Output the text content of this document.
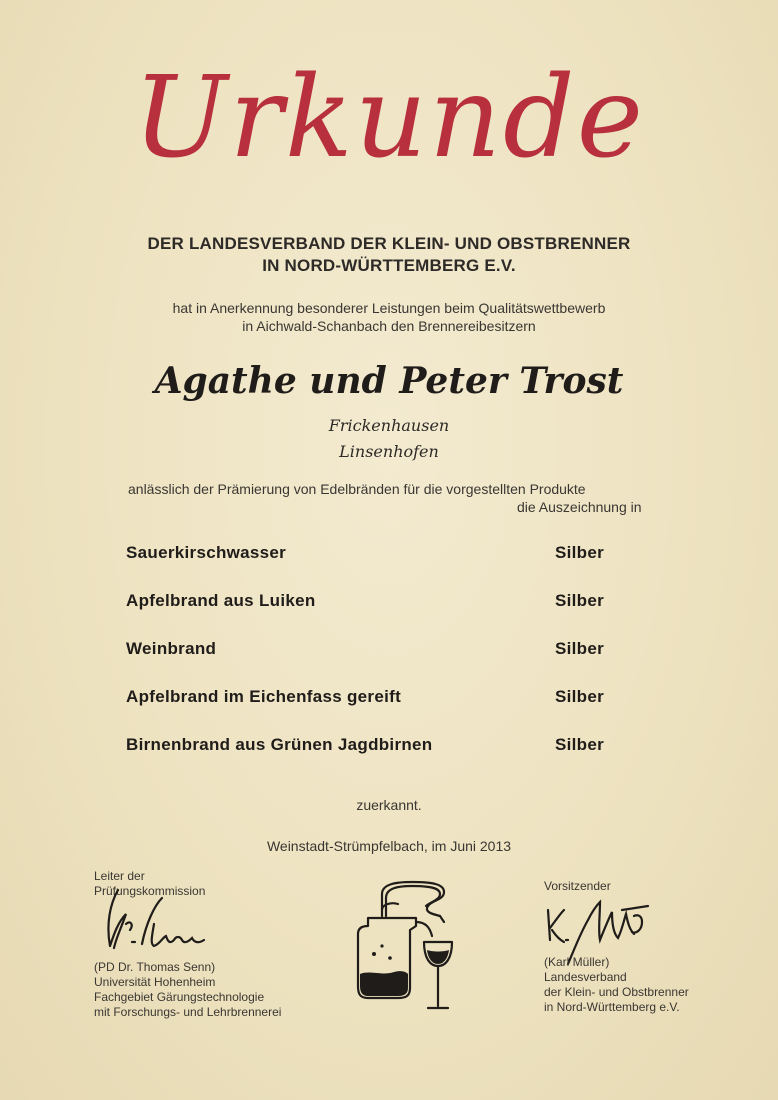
Urkunde
DER LANDESVERBAND DER KLEIN- UND OBSTBRENNER
IN NORD-WÜRTTEMBERG E.V.
hat in Anerkennung besonderer Leistungen beim Qualitätswettbewerb
in Aichwald-Schanbach den Brennereibesitzern
Agathe und Peter Trost
Frickenhausen
Linsenhofen
anlässlich der Prämierung von Edelbränden für die vorgestellten Produkte
die Auszeichnung in
Sauerkirschwasser	Silber
Apfelbrand aus Luiken	Silber
Weinbrand	Silber
Apfelbrand im Eichenfass gereift	Silber
Birnenbrand aus Grünen Jagdbirnen	Silber
zuerkannt.
Weinstadt-Strümpfelbach, im Juni 2013
Leiter der
Prüfungskommission
(PD Dr. Thomas Senn)
Universität Hohenheim
Fachgebiet Gärungstechnologie
mit Forschungs- und Lehrbrennerei
Vorsitzender
(Karl Müller)
Landesverband
der Klein- und Obstbrenner
in Nord-Württemberg e.V.
